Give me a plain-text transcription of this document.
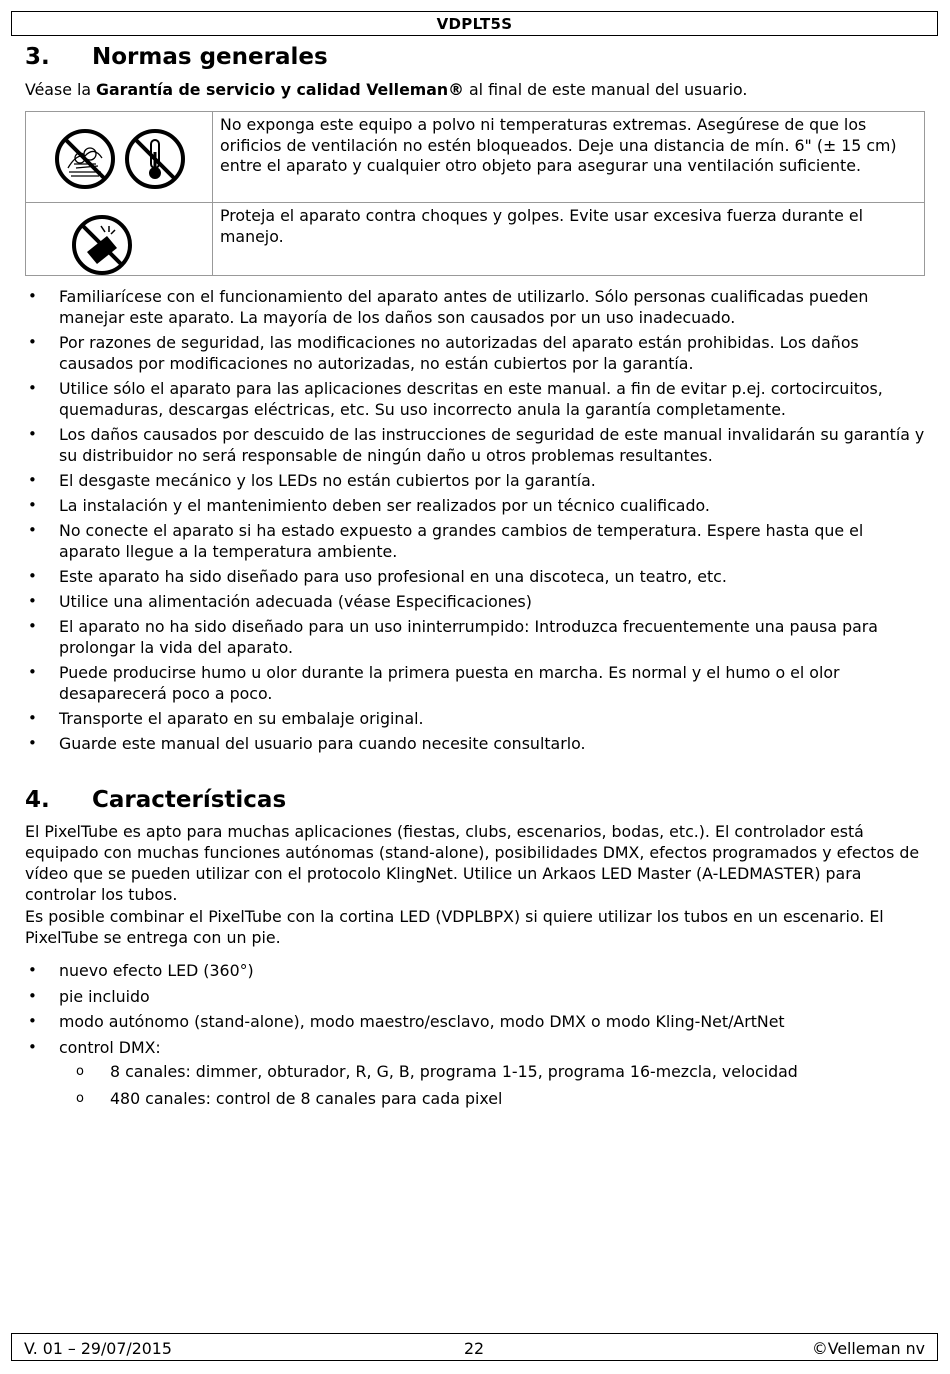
VDPLT5S
3. Normas generales

Véase la Garantía de servicio y calidad Velleman® al final de este manual del usuario.

	No exponga este equipo a polvo ni temperaturas extremas. Asegúrese de que los orificios de ventilación no estén bloqueados. Deje una distancia de mín. 6" (± 15 cm) entre el aparato y cualquier otro objeto para asegurar una ventilación suficiente.

	Proteja el aparato contra choques y golpes. Evite usar excesiva fuerza durante el manejo.
• Familiarícese con el funcionamiento del aparato antes de utilizarlo. Sólo personas cualificadas pueden manejar este aparato. La mayoría de los daños son causados por un uso inadecuado.
• Por razones de seguridad, las modificaciones no autorizadas del aparato están prohibidas. Los daños causados por modificaciones no autorizadas, no están cubiertos por la garantía.
• Utilice sólo el aparato para las aplicaciones descritas en este manual. a fin de evitar p.ej. cortocircuitos, quemaduras, descargas eléctricas, etc. Su uso incorrecto anula la garantía completamente.
• Los daños causados por descuido de las instrucciones de seguridad de este manual invalidarán su garantía y su distribuidor no será responsable de ningún daño u otros problemas resultantes.
• El desgaste mecánico y los LEDs no están cubiertos por la garantía.
• La instalación y el mantenimiento deben ser realizados por un técnico cualificado.
• No conecte el aparato si ha estado expuesto a grandes cambios de temperatura. Espere hasta que el aparato llegue a la temperatura ambiente.
• Este aparato ha sido diseñado para uso profesional en una discoteca, un teatro, etc.
• Utilice una alimentación adecuada (véase Especificaciones)
• El aparato no ha sido diseñado para un uso ininterrumpido: Introduzca frecuentemente una pausa para prolongar la vida del aparato.
• Puede producirse humo u olor durante la primera puesta en marcha. Es normal y el humo o el olor desaparecerá poco a poco.
• Transporte el aparato en su embalaje original.
• Guarde este manual del usuario para cuando necesite consultarlo.
4. Características

El PixelTube es apto para muchas aplicaciones (fiestas, clubs, escenarios, bodas, etc.). El controlador está equipado con muchas funciones autónomas (stand-alone), posibilidades DMX, efectos programados y efectos de vídeo que se pueden utilizar con el protocolo KlingNet. Utilice un Arkaos LED Master (A-LEDMASTER) para controlar los tubos.

Es posible combinar el PixelTube con la cortina LED (VDPLBPX) si quiere utilizar los tubos en un escenario. El PixelTube se entrega con un pie.

• nuevo efecto LED (360°)
• pie incluido
• modo autónomo (stand-alone), modo maestro/esclavo, modo DMX o modo Kling-Net/ArtNet
• control DMX:
o 8 canales: dimmer, obturador, R, G, B, programa 1-15, programa 16-mezcla, velocidad
o 480 canales: control de 8 canales para cada pixel
V. 01 – 29/07/2015	22	©Velleman nv
